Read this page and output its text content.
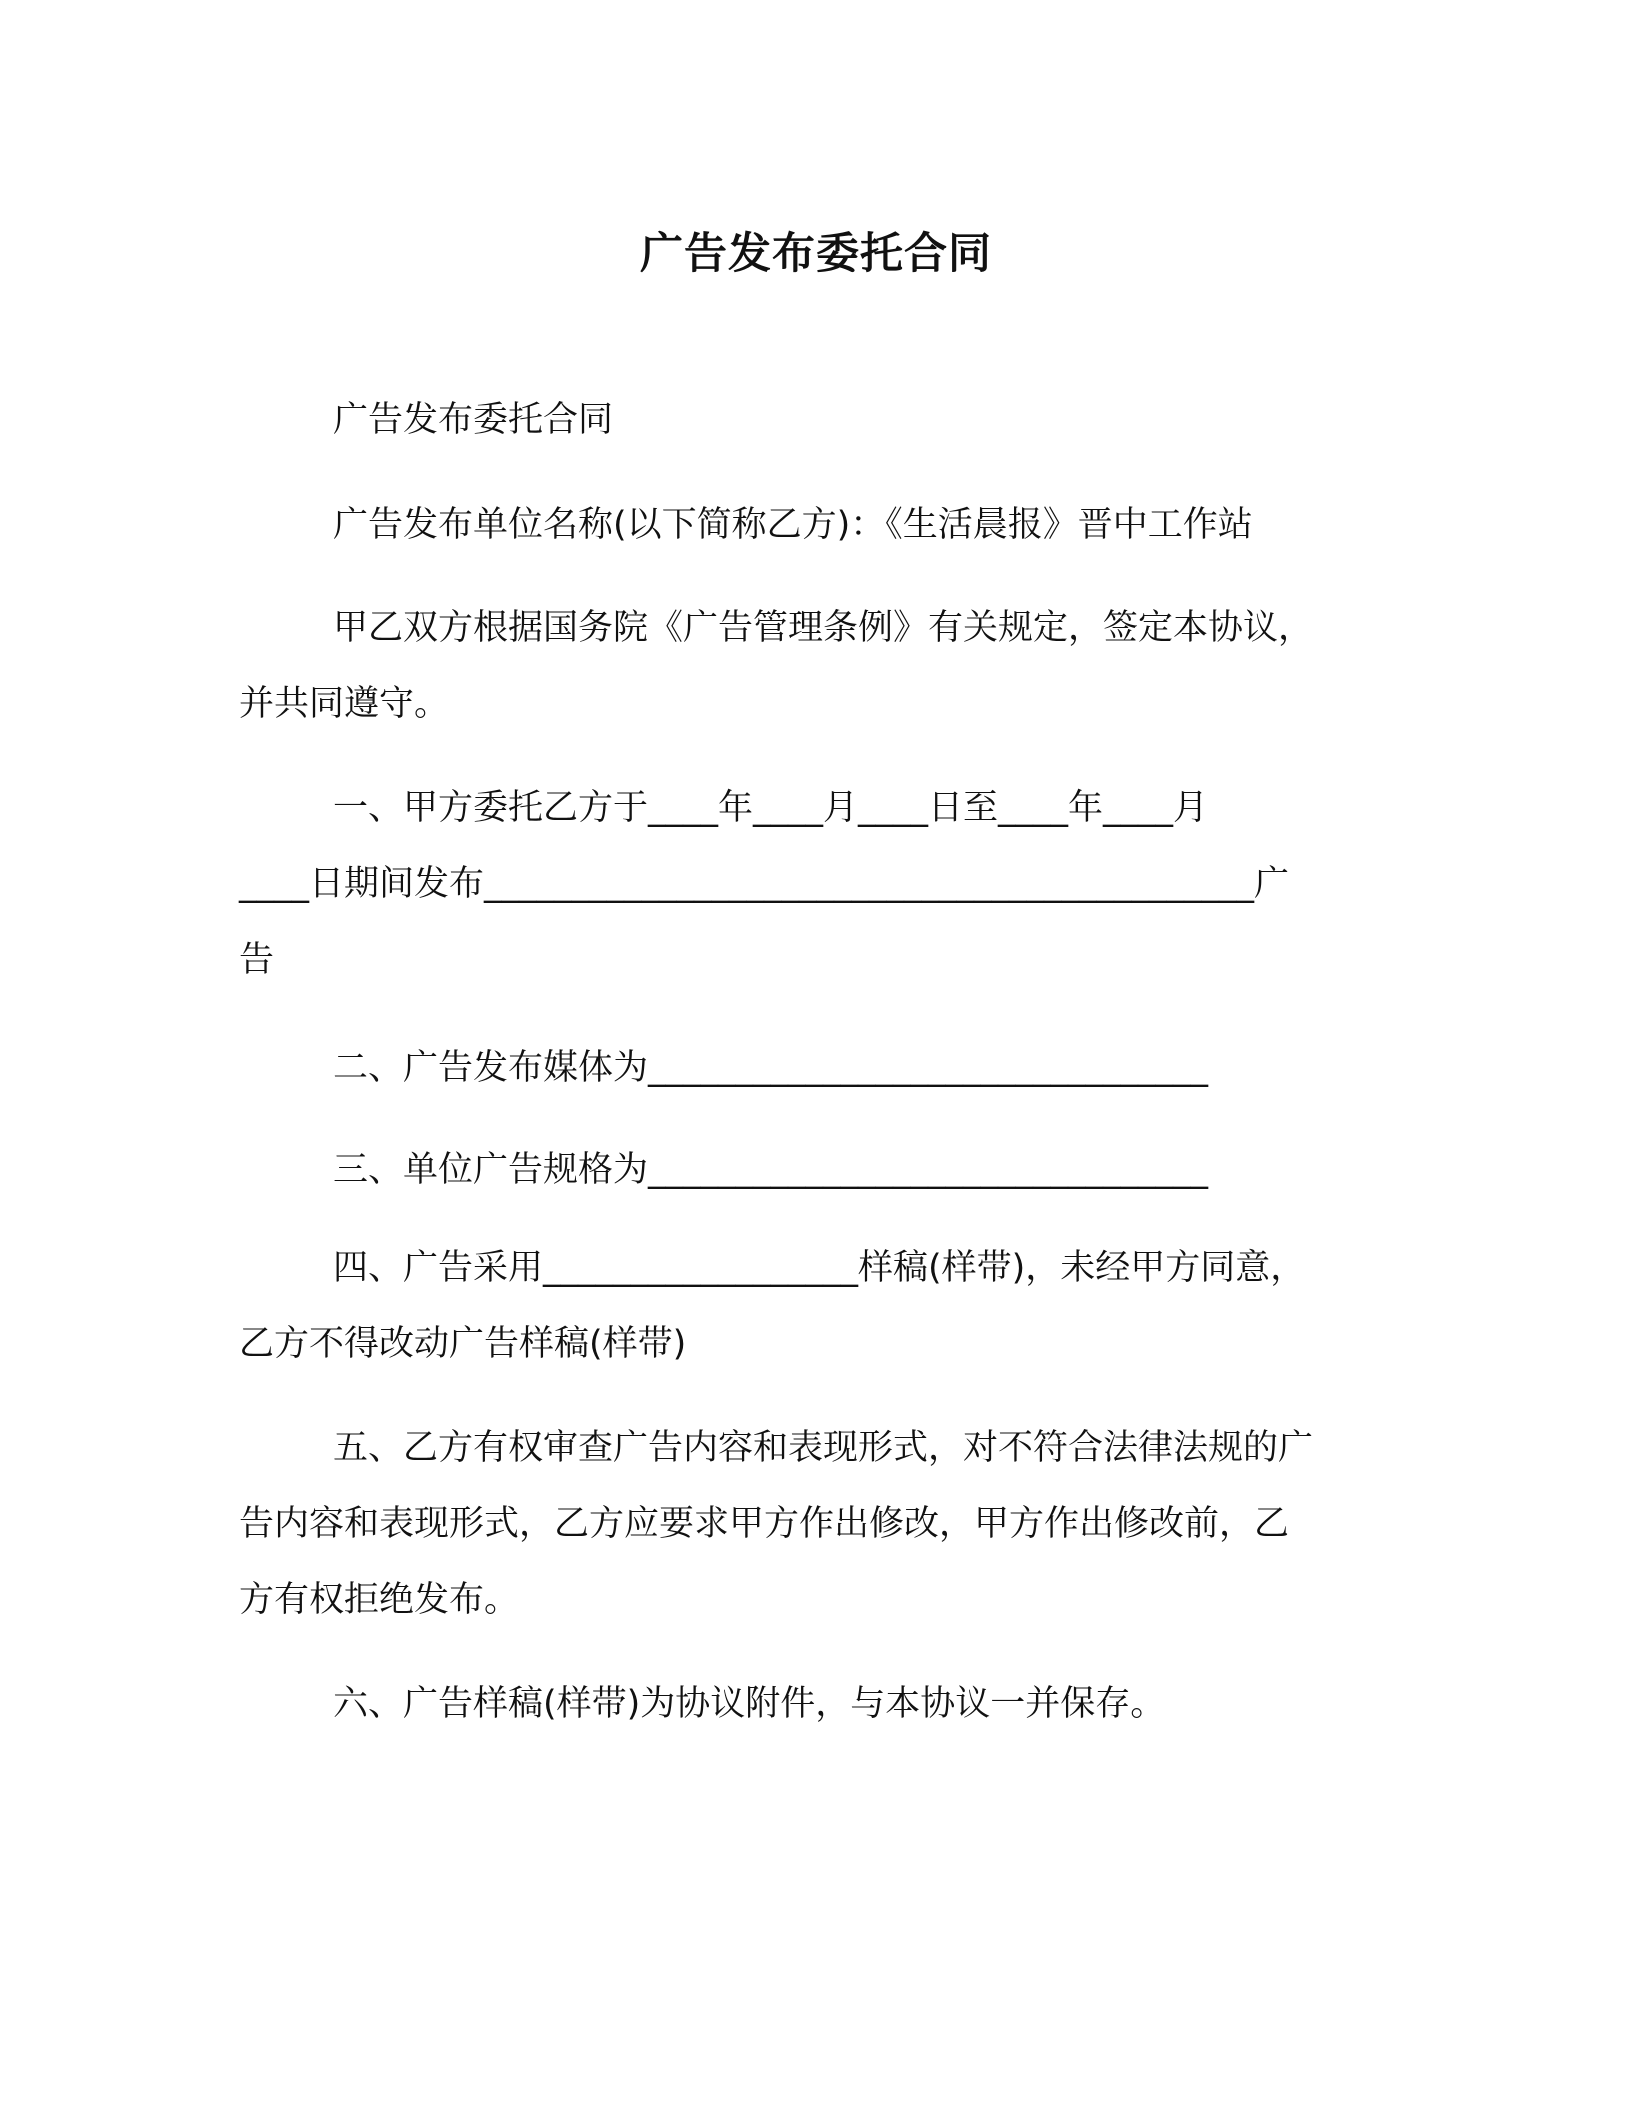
广告发布委托合同
广告发布委托合同
广告发布单位名称(以下简称乙方)：《生活晨报》晋中工作站
甲乙双方根据国务院《广告管理条例》有关规定，签定本协议，
并共同遵守。
一、甲方委托乙方于____年____月____日至____年____月
____日期间发布____________________________________________广
告
二、广告发布媒体为________________________________
三、单位广告规格为________________________________
四、广告采用__________________样稿(样带)，未经甲方同意，
乙方不得改动广告样稿(样带)
五、乙方有权审查广告内容和表现形式，对不符合法律法规的广
告内容和表现形式，乙方应要求甲方作出修改，甲方作出修改前，乙
方有权拒绝发布。
六、广告样稿(样带)为协议附件，与本协议一并保存。
